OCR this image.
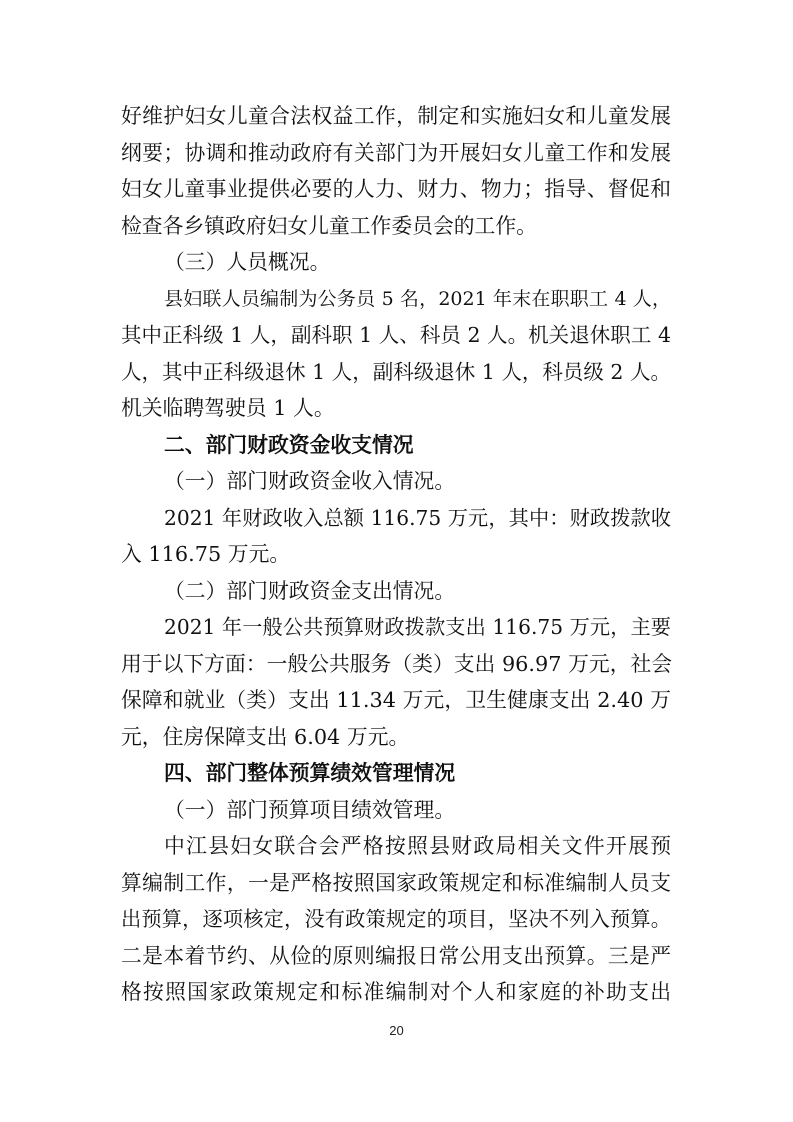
好维护妇女儿童合法权益工作，制定和实施妇女和儿童发展
纲要；协调和推动政府有关部门为开展妇女儿童工作和发展
妇女儿童事业提供必要的人力、财力、物力；指导、督促和
检查各乡镇政府妇女儿童工作委员会的工作。
（三）人员概况。
县妇联人员编制为公务员 5 名，2021 年末在职职工 4 人，
其中正科级 1 人，副科职 1 人、科员 2 人。机关退休职工 4
人，其中正科级退休 1 人，副科级退休 1 人，科员级 2 人。
机关临聘驾驶员 1 人。
二、部门财政资金收支情况
（一）部门财政资金收入情况。
2021 年财政收入总额 116.75 万元，其中：财政拨款收
入 116.75 万元。
（二）部门财政资金支出情况。
2021 年一般公共预算财政拨款支出 116.75 万元，主要
用于以下方面：一般公共服务（类）支出 96.97 万元，社会
保障和就业（类）支出 11.34 万元，卫生健康支出 2.40 万
元，住房保障支出 6.04 万元。
四、部门整体预算绩效管理情况
（一）部门预算项目绩效管理。
中江县妇女联合会严格按照县财政局相关文件开展预
算编制工作，一是严格按照国家政策规定和标准编制人员支
出预算，逐项核定，没有政策规定的项目，坚决不列入预算。
二是本着节约、从俭的原则编报日常公用支出预算。三是严
格按照国家政策规定和标准编制对个人和家庭的补助支出
20
